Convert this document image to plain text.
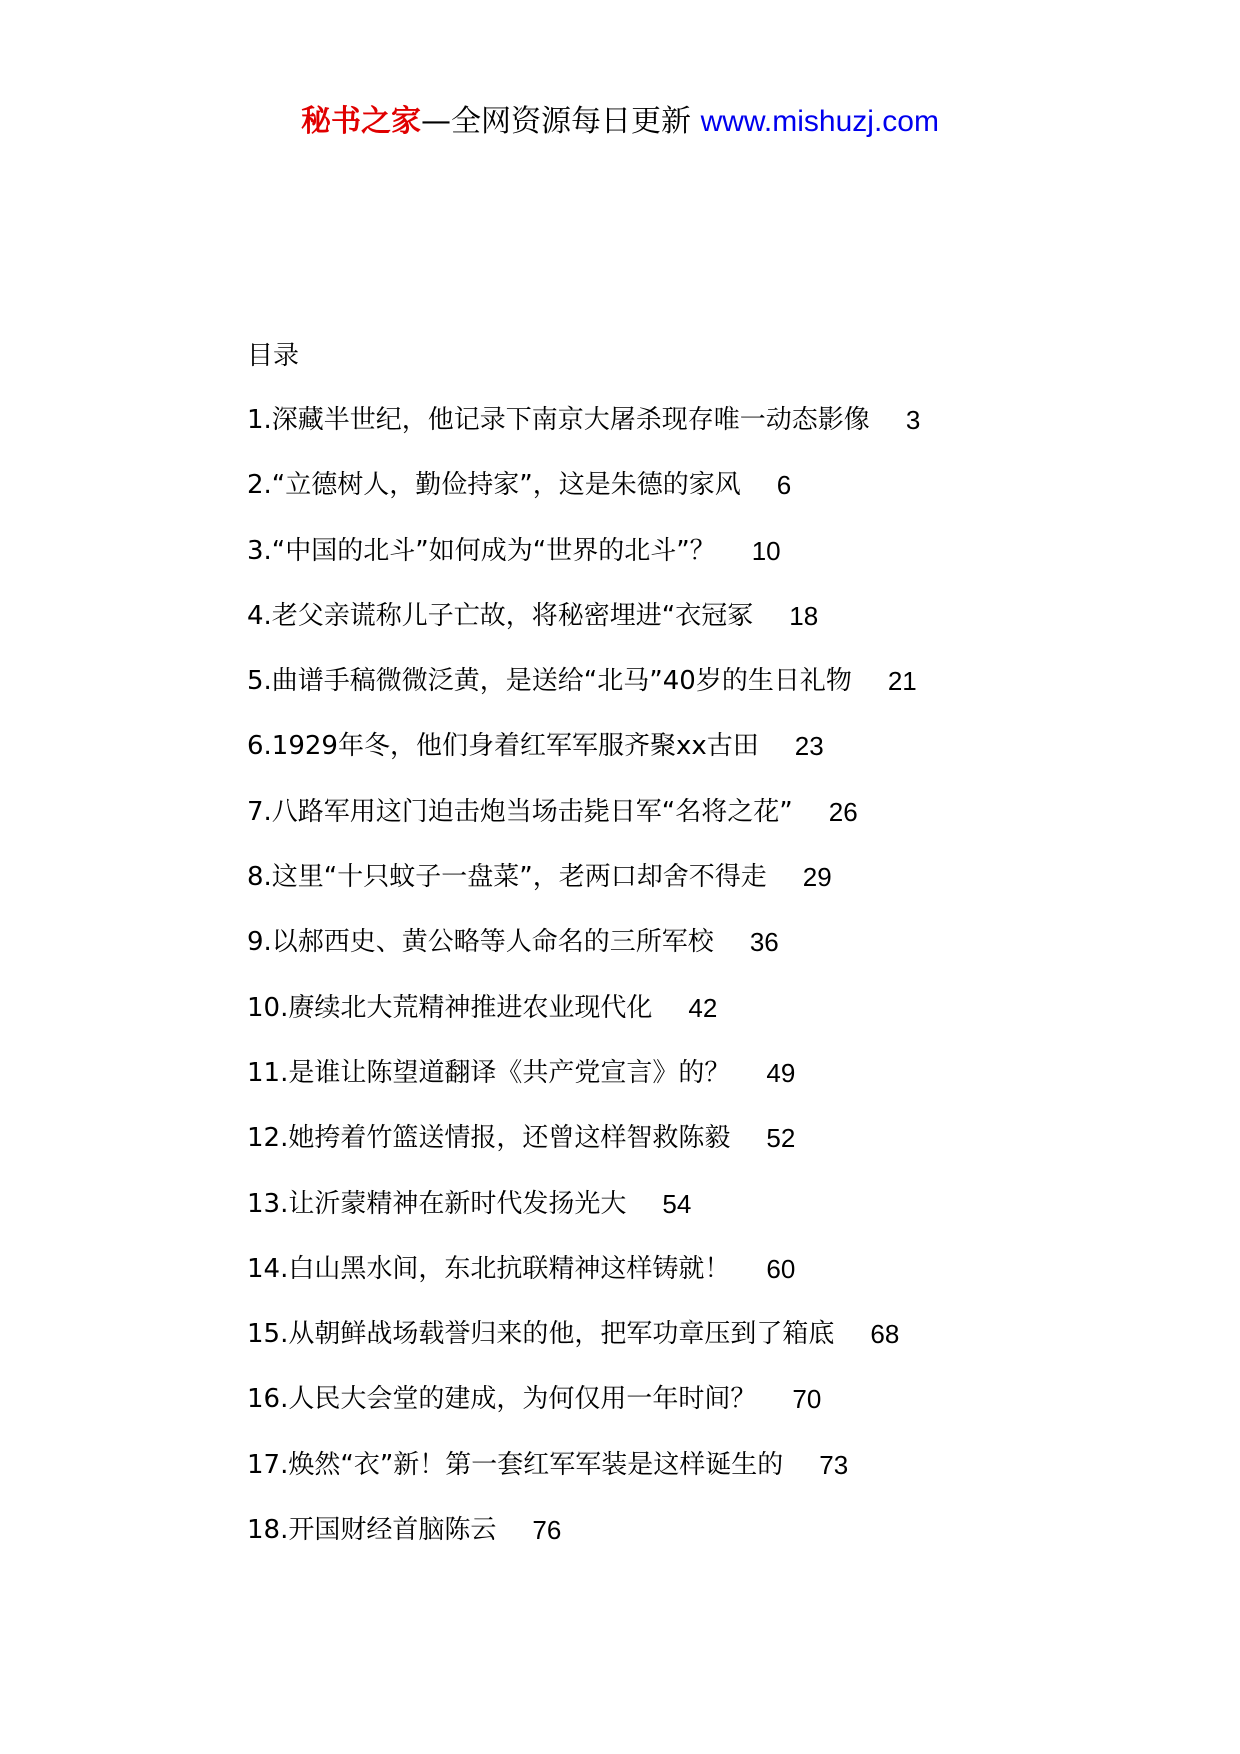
秘书之家—全网资源每日更新 www.mishuzj.com
目录
1.深藏半世纪，他记录下南京大屠杀现存唯一动态影像 3
2.“立德树人，勤俭持家”，这是朱德的家风 6
3.“中国的北斗”如何成为“世界的北斗”？ 10
4.老父亲谎称儿子亡故，将秘密埋进“衣冠冢 18
5.曲谱手稿微微泛黄，是送给“北马”40岁的生日礼物 21
6.1929年冬，他们身着红军军服齐聚xx古田 23
7.八路军用这门迫击炮当场击毙日军“名将之花” 26
8.这里“十只蚊子一盘菜”，老两口却舍不得走 29
9.以郝西史、黄公略等人命名的三所军校 36
10.赓续北大荒精神推进农业现代化 42
11.是谁让陈望道翻译《共产党宣言》的？ 49
12.她挎着竹篮送情报，还曾这样智救陈毅 52
13.让沂蒙精神在新时代发扬光大 54
14.白山黑水间，东北抗联精神这样铸就！ 60
15.从朝鲜战场载誉归来的他，把军功章压到了箱底 68
16.人民大会堂的建成，为何仅用一年时间？ 70
17.焕然“衣”新！第一套红军军装是这样诞生的 73
18.开国财经首脑陈云 76
